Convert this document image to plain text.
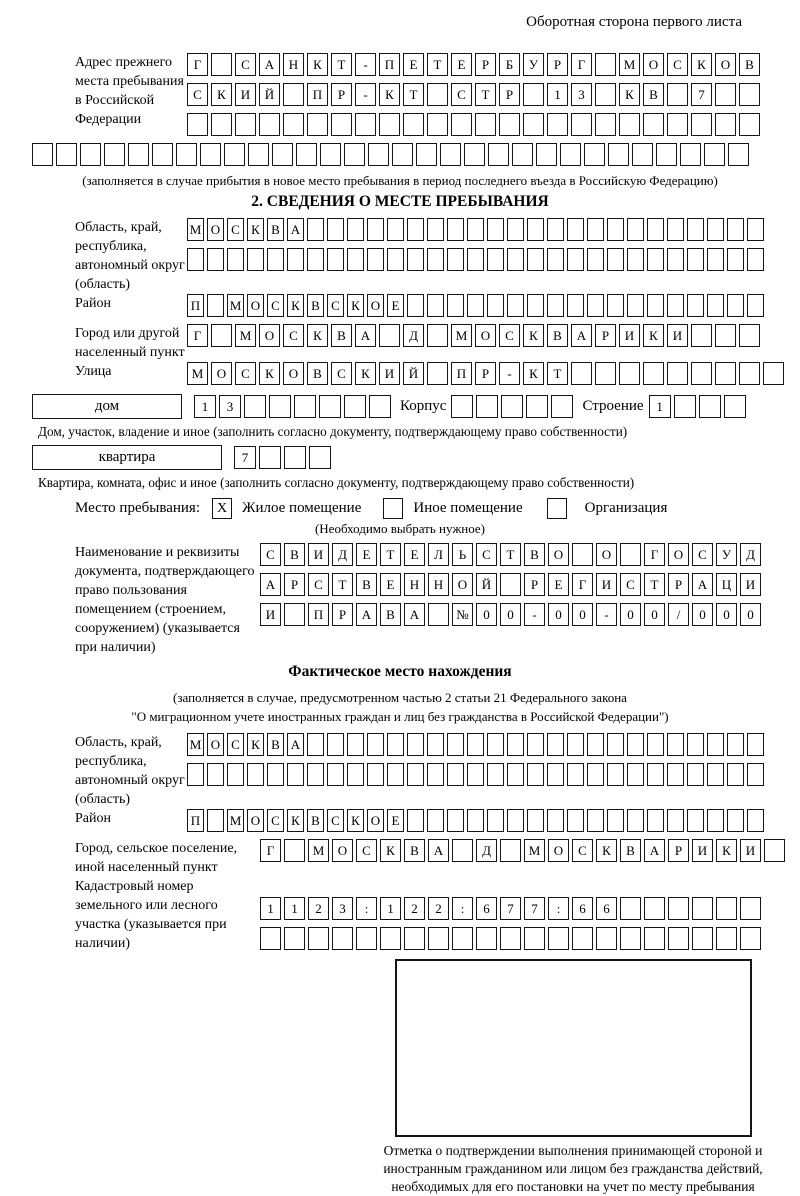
Оборотная сторона первого листа
Адрес прежнего места пребывания в Российской Федерации
Г	С	А	Н	К	Т	-	П	Е	Т	Е	Р	Б	У	Р	Г	М	О	С	К	О	В
С	К	И	Й	П	Р	-	К	Т	С	Т	Р	1	3	К	В	7
(заполняется в случае прибытия в новое место пребывания в период последнего въезда в Российскую Федерацию)
2. СВЕДЕНИЯ О МЕСТЕ ПРЕБЫВАНИЯ
Область, край, республика, автономный округ (область)
М О С К В А
Район	П М О С К В С К О Е
Город или другой населенный пункт
Г	М	О	С	К	В	А	Д	М	О	С	К	В	А	Р	И	К	И
Улица	М	О	С	К	О	В	С	К	И	Й	П	Р	-	К	Т
дом	1	3	Корпус	Строение 1
Дом, участок, владение и иное (заполнить согласно документу, подтверждающему право собственности)
квартира	7
Квартира, комната, офис и иное (заполнить согласно документу, подтверждающему право собственности)
Место пребывания:	X Жилое помещение	Иное помещение	Организация
(Необходимо выбрать нужное)
Наименование и реквизиты документа, подтверждающего право пользования помещением (строением, сооружением) (указывается при наличии)
С	В	И	Д	Е	Т	Е	Л	Ь	С	Т	В	О	О	Г	О	С	У	Д
А	Р	С	Т	В	Е	Н	Н	О	Й	Р	Е	Г	И	С	Т	Р	А	Ц	И
И	П	Р	А	В	А	№	0	0	-	0	0	-	0	0	/	0	0	0
Фактическое место нахождения
(заполняется в случае, предусмотренном частью 2 статьи 21 Федерального закона
"О миграционном учете иностранных граждан и лиц без гражданства в Российской Федерации")
Область, край, республика, автономный округ (область)
М О С К В А
Район	П М О С К В С К О Е
Город, сельское поселение, иной населенный пункт
Г	М	О	С	К	В	А	Д	М	О	С	К	В	А	Р	И	К	И
Кадастровый номер земельного или лесного участка (указывается при наличии)
1	1	2	3	:	1	2	2	:	6	7	7	:	6	6
Отметка о подтверждении выполнения принимающей стороной и иностранным гражданином или лицом без гражданства действий, необходимых для его постановки на учет по месту пребывания
